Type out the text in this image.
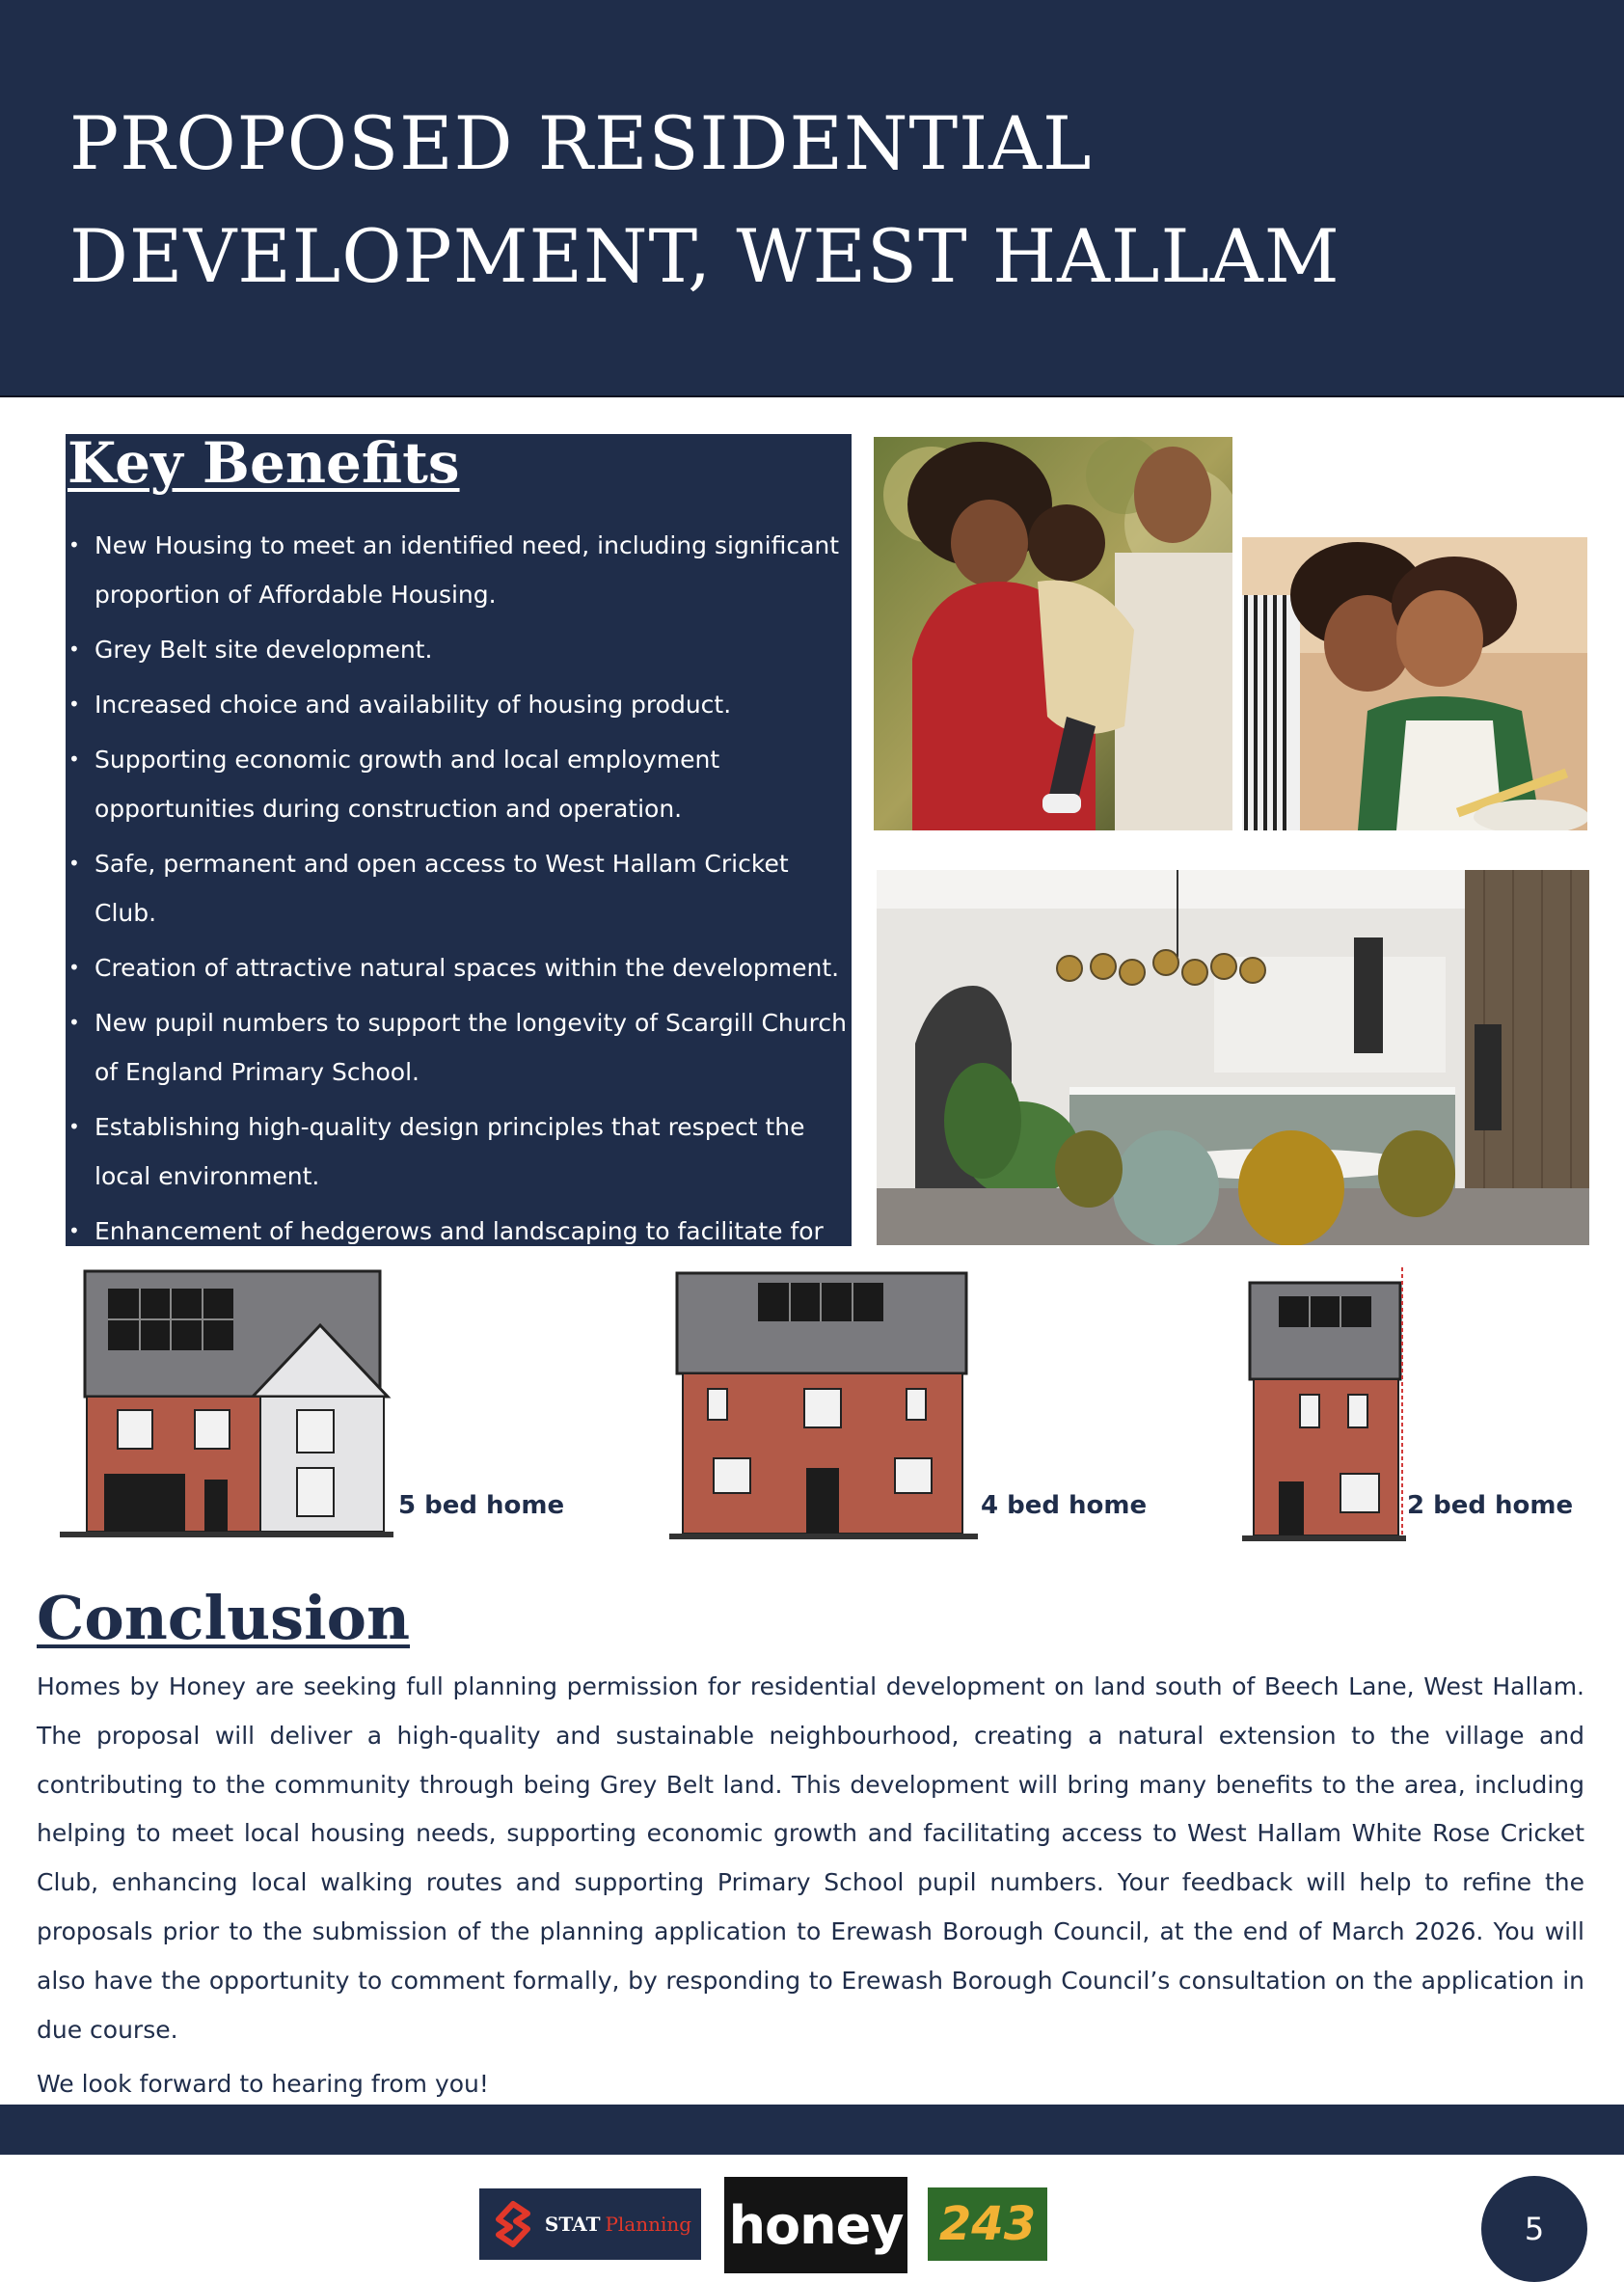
PROPOSED RESIDENTIAL
DEVELOPMENT, WEST HALLAM
Key Benefits
• New Housing to meet an identified need, including significant proportion of Affordable Housing.
• Grey Belt site development.
• Increased choice and availability of housing product.
• Supporting economic growth and local employment opportunities during construction and operation.
• Safe, permanent and open access to West Hallam Cricket Club.
• Creation of attractive natural spaces within the development.
• New pupil numbers to support the longevity of Scargill Church of England Primary School.
• Establishing high-quality design principles that respect the local environment.
• Enhancement of hedgerows and landscaping to facilitate for
5 bed home	4 bed home	2 bed home
Conclusion

Homes by Honey are seeking full planning permission for residential development on land south of Beech Lane, West Hallam. The proposal will deliver a high-quality and sustainable neighbourhood, creating a natural extension to the village and contributing to the community through being Grey Belt land. This development will bring many benefits to the area, including helping to meet local housing needs, supporting economic growth and facilitating access to West Hallam White Rose Cricket Club, enhancing local walking routes and supporting Primary School pupil numbers. Your feedback will help to refine the proposals prior to the submission of the planning application to Erewash Borough Council, at the end of March 2026. You will also have the opportunity to comment formally, by responding to Erewash Borough Council’s consultation on the application in due course.

We look forward to hearing from you!

STAT Planning honey 243	5
